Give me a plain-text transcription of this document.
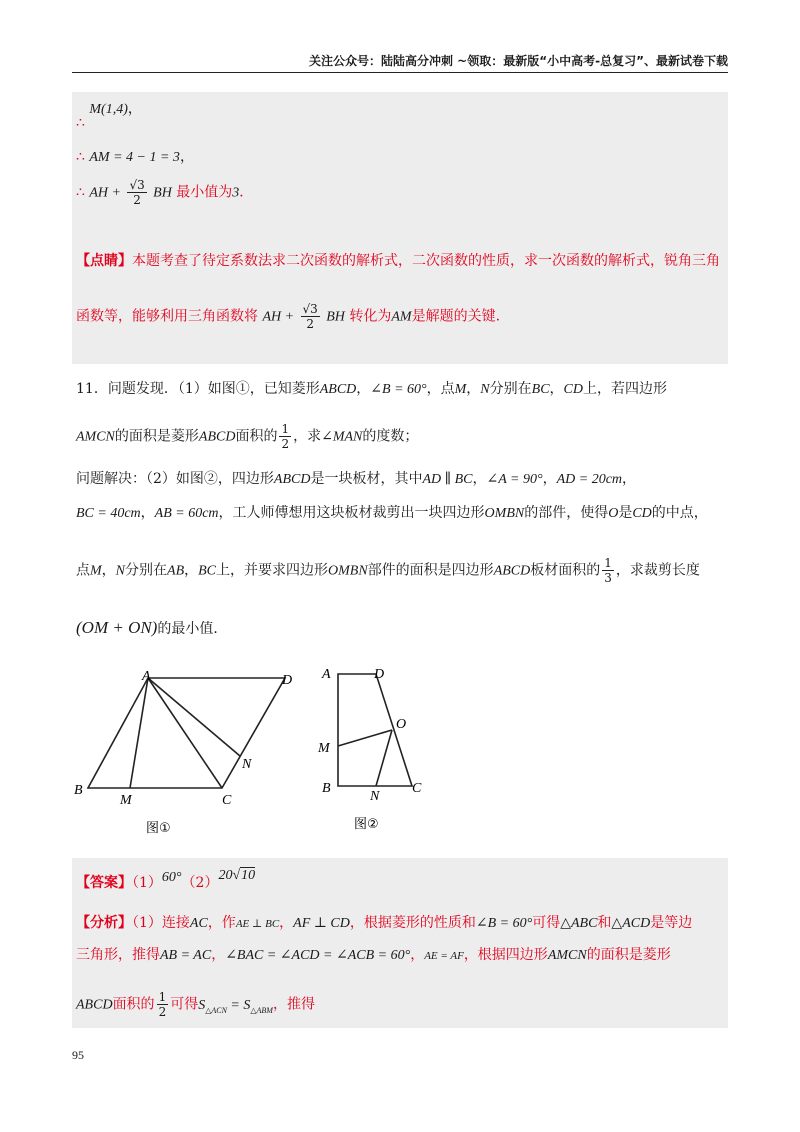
关注公众号：陆陆高分冲刺 ~领取：最新版“小中高考-总复习”、最新试卷下载
∴ M(1,4)，
∴ AM = 4 − 1 = 3，
∴ AH + $\frac{√3}{2}$ BH 最小值为3．
【点睛】本题考查了待定系数法求二次函数的解析式，二次函数的性质，求一次函数的解析式，锐角三角
函数等，能够利用三角函数将 AH + $\frac{√3}{2}$ BH 转化为AM是解题的关键.
11．问题发现．（1）如图①，已知菱形ABCD，∠B = 60°，点M，N分别在BC，CD上，若四边形
AMCN的面积是菱形ABCD面积的 $\frac{1}{2}$ ，求∠MAN的度数；
问题解决：（2）如图②，四边形ABCD是一块板材，其中AD ∥ BC，∠A = 90°，AD = 20cm，
BC = 40cm，AB = 60cm，工人师傅想用这块板材裁剪出一块四边形OMBN的部件，使得O是CD的中点，
点M，N分别在AB，BC上，并要求四边形OMBN部件的面积是四边形ABCD板材面积的 $\frac{1}{3}$ ，求裁剪长度
(OM + ON)的最小值．
A	D
B
M	C
N
图①
A	D
O
M
B
N
C
图②
【答案】（1）60°（2）20√10
【分析】（1）连接AC，作AE ⊥ BC，AF ⊥ CD，根据菱形的性质和∠B = 60°可得△ABC和△ACD是等边
三角形，推得AB = AC，∠BAC = ∠ACD = ∠ACB = 60°，AE = AF，根据四边形AMCN的面积是菱形
ABCD面积的 $\frac{1}{2}$ 可得$S_{\triangle ACN} = S_{\triangle ABM}$，推得
95
